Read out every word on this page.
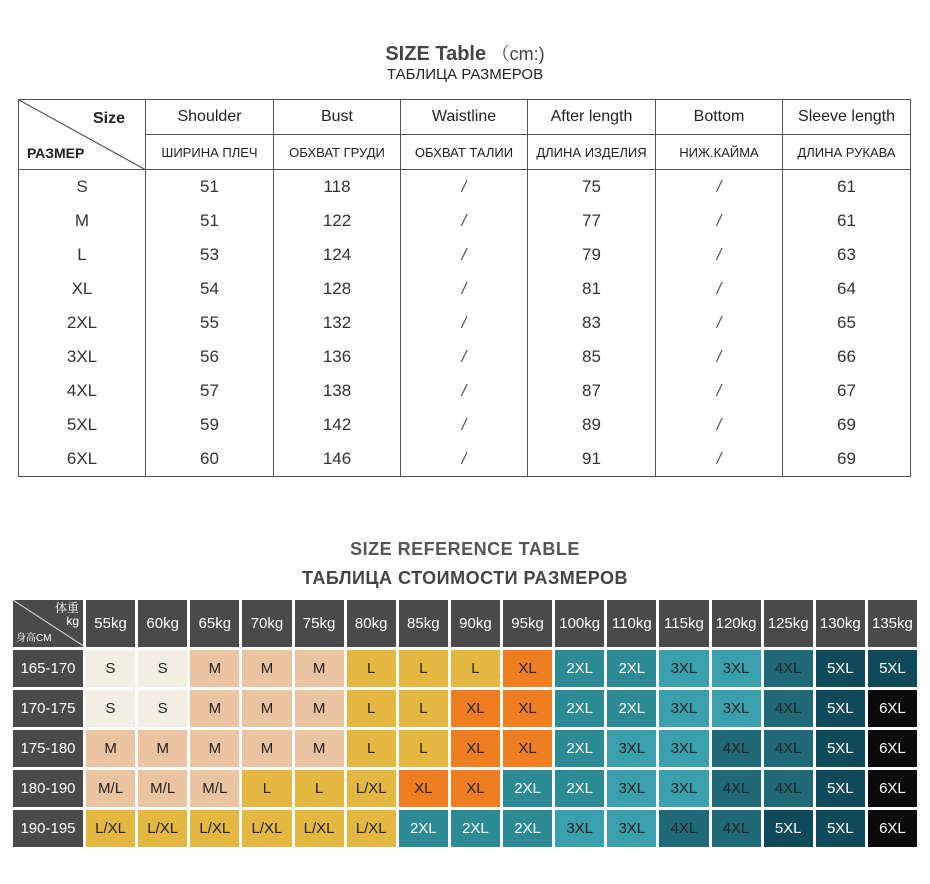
SIZE Table （cm:)
ТАБЛИЦА РАЗМЕРОВ
Size
РАЗМЕР	Shoulder	Bust	Waistline	After length	Bottom	Sleeve length
	ШИРИНА ПЛЕЧ	ОБХВАТ ГРУДИ	ОБХВАТ ТАЛИИ	ДЛИНА ИЗДЕЛИЯ	НИЖ.КАЙМА	ДЛИНА РУКАВА
S	51	118	/	75	/	61
M	51	122	/	77	/	61
L	53	124	/	79	/	63
XL	54	128	/	81	/	64
2XL	55	132	/	83	/	65
3XL	56	136	/	85	/	66
4XL	57	138	/	87	/	67
5XL	59	142	/	89	/	69
6XL	60	146	/	91	/	69
SIZE REFERENCE TABLE
ТАБЛИЦА СТОИМОСТИ РАЗМЕРОВ
体重
kg
身高CM	55kg	60kg	65kg	70kg	75kg	80kg	85kg	90kg	95kg	100kg	110kg	115kg	120kg	125kg	130kg	135kg
165-170	S	S	M	M	M	L	L	L	XL	2XL	2XL	3XL	3XL	4XL	5XL	5XL
170-175	S	S	M	M	M	L	L	XL	XL	2XL	2XL	3XL	3XL	4XL	5XL	6XL
175-180	M	M	M	M	M	L	L	XL	XL	2XL	3XL	3XL	4XL	4XL	5XL	6XL
180-190	M/L	M/L	M/L	L	L	L/XL	XL	XL	2XL	2XL	3XL	3XL	4XL	4XL	5XL	6XL
190-195	L/XL	L/XL	L/XL	L/XL	L/XL	L/XL	2XL	2XL	2XL	3XL	3XL	4XL	4XL	5XL	5XL	6XL
